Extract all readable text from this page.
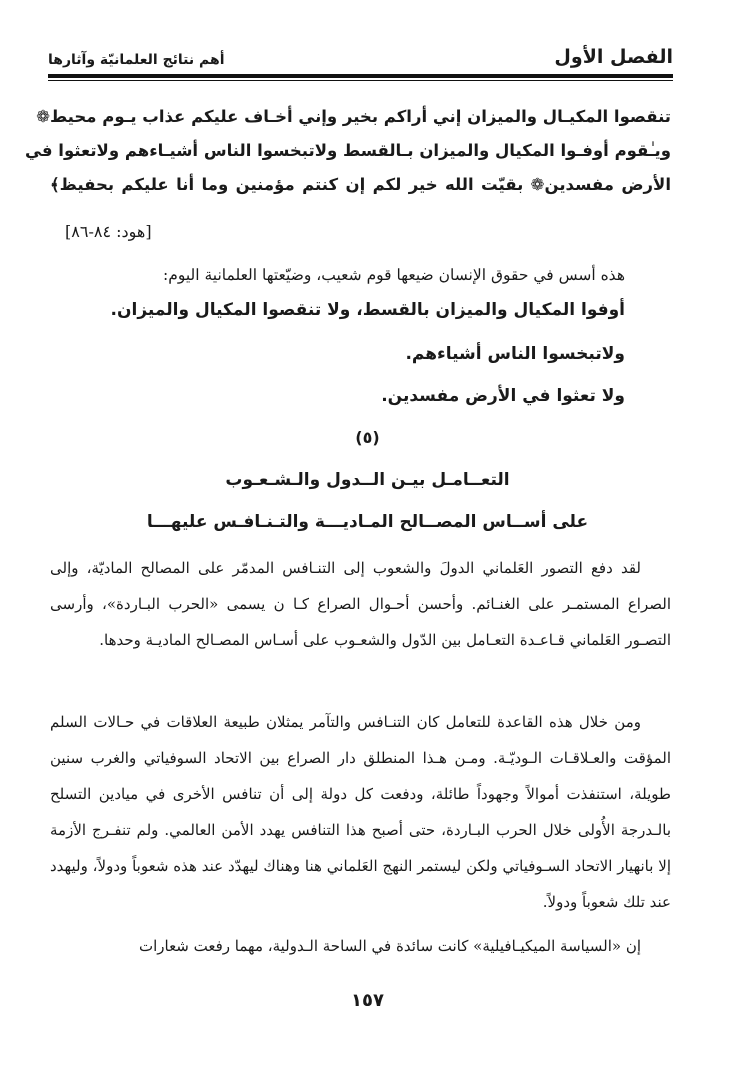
الفصل الأول
أهم نتائج العلمانيّة وآثارها
تنقصوا المكيـال والميزان إني أراكم بخير وإني أخـاف عليكم عذاب يـوم محيط❁
ويـٰقوم أوفـوا المكيال والميزان بـالقسط ولاتبخسوا الناس أشيـاءهم ولاتعثوا في
الأرض مفسدين❁ بقيّت الله خير لكم إن كنتم مؤمنين وما أنا عليكم بحفيظ﴾
[هود: ٨٤-٨٦]
هذه أسس في حقوق الإنسان ضيعها قوم شعيب، وضيّعتها العلمانية اليوم:
أوفوا المكيال والميزان بالقسط، ولا تنقصوا المكيال والميزان.
ولاتبخسوا الناس أشياءهم.
ولا تعثوا في الأرض مفسدين.
(٥)
التعــامـل بيـن الــدول والـشـعـوب
على أســاس المصــالح المـاديـــة والتـنـافـس عليهـــا
لقد دفع التصور العَلماني الدولَ والشعوب إلى التنـافس المدمّر على المصالح الماديّة، وإلى الصراع المستمـر على الغنـائم. وأحسن أحـوال الصراع كـا ن يسمى «الحرب البـاردة»، وأرسى التصـور العَلماني قـاعـدة التعـامل بين الدّول والشعـوب على أسـاس المصـالح الماديـة وحدها.
ومن خلال هذه القاعدة للتعامل كان التنـافس والتآمر يمثلان طبيعة العلاقات في حـالات السلم المؤقت والعـلاقـات الـوديّـة. ومـن هـذا المنطلق دار الصراع بين الاتحاد السوفياتي والغرب سنين طويلة، استنفذت أموالاً وجهوداً طائلة، ودفعت كل دولة إلى أن تنافس الأخرى في ميادين التسلح بالـدرجة الأُولى خلال الحرب البـاردة، حتى أصبح هذا التنافس يهدد الأمن العالمي. ولم تنفـرج الأزمة إلا بانهيار الاتحاد السـوفياتي ولكن ليستمر النهج العَلماني هنا وهناك ليهدّد عند هذه شعوباً ودولاً، وليهدد عند تلك شعوباً ودولاً.
إن «السياسة الميكيـافيلية» كانت سائدة في الساحة الـدولية، مهما رفعت شعارات
١٥٧
